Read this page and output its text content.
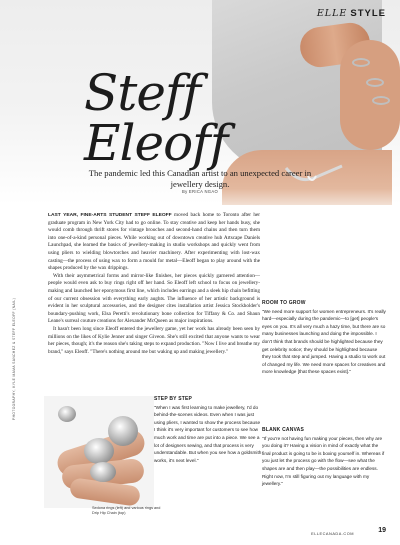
ELLE STYLE
Steff
Eleoff
The pandemic led this Canadian artist to an unexpected career in jewellery design.
By ERICA NGAO

LAST YEAR, FINE-ARTS STUDENT STEFF ELEOFF moved back home to Toronto after her graduate program in New York City had to go online. To stay creative and keep her hands busy, she would comb through thrift stores for vintage brooches and second-hand chains and then turn them into one-of-a-kind personal pieces. While working out of downtown creative hub Artscape Daniels Launchpad, she learned the basics of jewellery-making in studio workshops and quickly went from using pliers to wielding blowtorches and heavier machinery. After experimenting with lost-wax casting—the process of using wax to form a mould for metal—Eleoff began to play around with the shapes produced by the wax drippings.

With their asymmetrical forms and mirror-like finishes, her pieces quickly garnered attention—people would even ask to buy rings right off her hand. So Eleoff left school to focus on jewellery-making and launched her eponymous first line, which includes earrings and a sleek hip chain befitting of our current obsession with everything early aughts. The influence of her artistic background is evident in her sculptural accessories, and the designer cites installation artist Jessica Stockholder's boundary-pushing work, Elsa Peretti's revolutionary bone collection for Tiffany & Co. and Shaun Leane's surreal couture creations for Alexander McQueen as major inspirations.

It hasn't been long since Eleoff entered the jewellery game, yet her work has already been seen by millions on the likes of Kylie Jenner and singer Giveon. She's still excited that anyone wants to wear her pieces, though; it's the reason she's taking steps to expand production. "Now I live and breathe my brand," says Eleoff. "There's nothing around me but waking up and making jewellery."

STEP BY STEP
"When I was first learning to make jewellery, I'd do behind-the-scenes videos. Even when I was just using pliers, I wanted to show the process because I think it's very important for customers to see how much work and time are put into a piece. We see a lot of designers sewing, and that process is very understandable. But when you see how a goldsmith works, it's next level."
ROOM TO GROW
"We need more support for women entrepreneurs. It's really hard—especially during the pandemic—to [get] people's eyes on you. It's all very much a hazy time, but there are so many businesses launching and doing the impossible. I don't think that brands should be highlighted because they get celebrity notice; they should be highlighted because they took that step and jumped. Having a studio to work out of changed my life. We need more spaces for creatives and more knowledge [that these spaces exist]."
BLANK CANVAS
"If you're not having fun making your pieces, then why are you doing it? Having a vision in mind of exactly what the final product is going to be is boxing yourself in. Whereas if you just let the process go with the flow—see what the shapes are and then play—the possibilities are endless. Right now, I'm still figuring out my language with my jewellery."
Sedona rings (left) and various rings and Drip Hip Chain (top)
PHOTOGRAPHY, KYLE MAMA SANCHEZ & STEFF ELEOFF (NAIL)
ELLECANADA.COM	19
